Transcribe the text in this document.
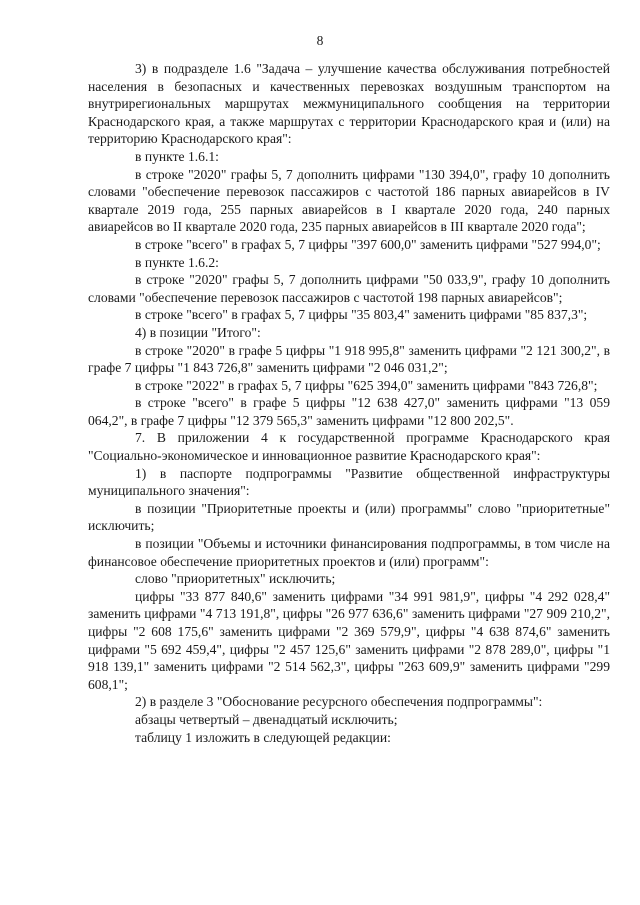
8

3) в подразделе 1.6 "Задача – улучшение качества обслуживания потребностей населения в безопасных и качественных перевозках воздушным транспортом на внутрирегиональных маршрутах межмуниципального сообщения на территории Краснодарского края, а также маршрутах с территории Краснодарского края и (или) на территорию Краснодарского края":

в пункте 1.6.1:

в строке "2020" графы 5, 7 дополнить цифрами "130 394,0", графу 10 дополнить словами "обеспечение перевозок пассажиров с частотой 186 парных авиарейсов в IV квартале 2019 года, 255 парных авиарейсов в I квартале 2020 года, 240 парных авиарейсов во II квартале 2020 года, 235 парных авиарейсов в III квартале 2020 года";

в строке "всего" в графах 5, 7 цифры "397 600,0" заменить цифрами "527 994,0";

в пункте 1.6.2:

в строке "2020" графы 5, 7 дополнить цифрами "50 033,9", графу 10 дополнить словами "обеспечение перевозок пассажиров с частотой 198 парных авиарейсов";

в строке "всего" в графах 5, 7 цифры "35 803,4" заменить цифрами "85 837,3";

4) в позиции "Итого":

в строке "2020" в графе 5 цифры "1 918 995,8" заменить цифрами "2 121 300,2", в графе 7 цифры "1 843 726,8" заменить цифрами "2 046 031,2";

в строке "2022" в графах 5, 7 цифры "625 394,0" заменить цифрами "843 726,8";

в строке "всего" в графе 5 цифры "12 638 427,0" заменить цифрами "13 059 064,2", в графе 7 цифры "12 379 565,3" заменить цифрами "12 800 202,5".

7. В приложении 4 к государственной программе Краснодарского края "Социально-экономическое и инновационное развитие Краснодарского края":

1) в паспорте подпрограммы "Развитие общественной инфраструктуры муниципального значения":

в позиции "Приоритетные проекты и (или) программы" слово "приоритетные" исключить;

в позиции "Объемы и источники финансирования подпрограммы, в том числе на финансовое обеспечение приоритетных проектов и (или) программ":

слово "приоритетных" исключить;

цифры "33 877 840,6" заменить цифрами "34 991 981,9", цифры "4 292 028,4" заменить цифрами "4 713 191,8", цифры "26 977 636,6" заменить цифрами "27 909 210,2", цифры "2 608 175,6" заменить цифрами "2 369 579,9", цифры "4 638 874,6" заменить цифрами "5 692 459,4", цифры "2 457 125,6" заменить цифрами "2 878 289,0", цифры "1 918 139,1" заменить цифрами "2 514 562,3", цифры "263 609,9" заменить цифрами "299 608,1";

2) в разделе 3 "Обоснование ресурсного обеспечения подпрограммы":

абзацы четвертый – двенадцатый исключить;

таблицу 1 изложить в следующей редакции:
